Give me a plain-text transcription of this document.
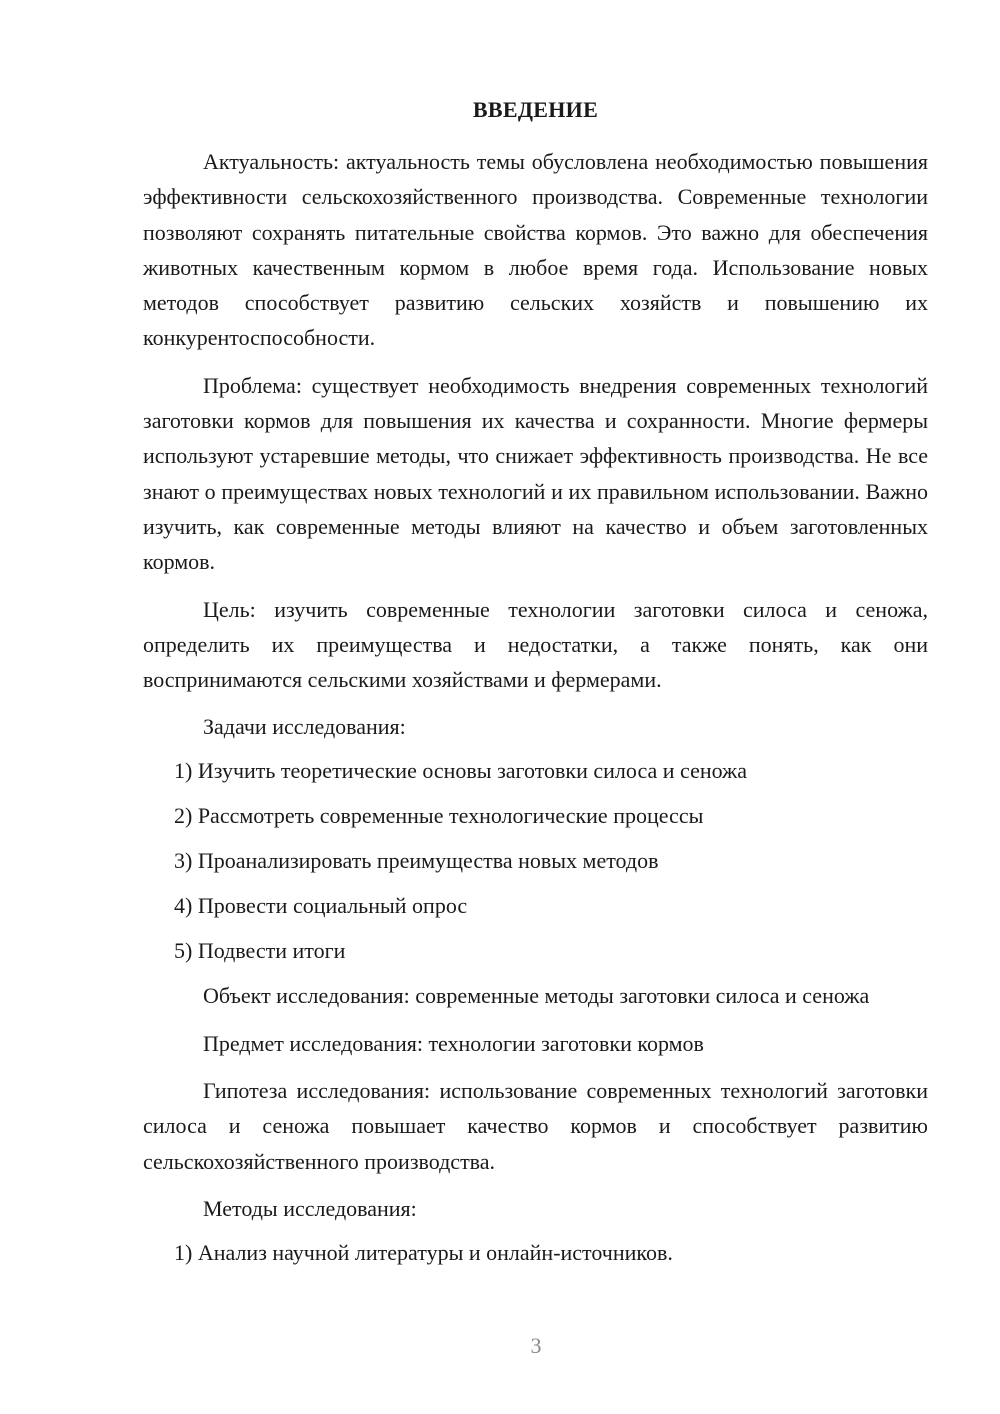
ВВЕДЕНИЕ

Актуальность: актуальность темы обусловлена необходимостью повышения эффективности сельскохозяйственного производства. Современные технологии позволяют сохранять питательные свойства кормов. Это важно для обеспечения животных качественным кормом в любое время года. Использование новых методов способствует развитию сельских хозяйств и повышению их конкурентоспособности.

Проблема: существует необходимость внедрения современных технологий заготовки кормов для повышения их качества и сохранности. Многие фермеры используют устаревшие методы, что снижает эффективность производства. Не все знают о преимуществах новых технологий и их правильном использовании. Важно изучить, как современные методы влияют на качество и объем заготовленных кормов.

Цель: изучить современные технологии заготовки силоса и сеножа, определить их преимущества и недостатки, а также понять, как они воспринимаются сельскими хозяйствами и фермерами.

Задачи исследования:

1) Изучить теоретические основы заготовки силоса и сеножа
2) Рассмотреть современные технологические процессы
3) Проанализировать преимущества новых методов
4) Провести социальный опрос
5) Подвести итоги

Объект исследования: современные методы заготовки силоса и сеножа

Предмет исследования: технологии заготовки кормов

Гипотеза исследования: использование современных технологий заготовки силоса и сеножа повышает качество кормов и способствует развитию сельскохозяйственного производства.

Методы исследования:

1) Анализ научной литературы и онлайн-источников.
3
